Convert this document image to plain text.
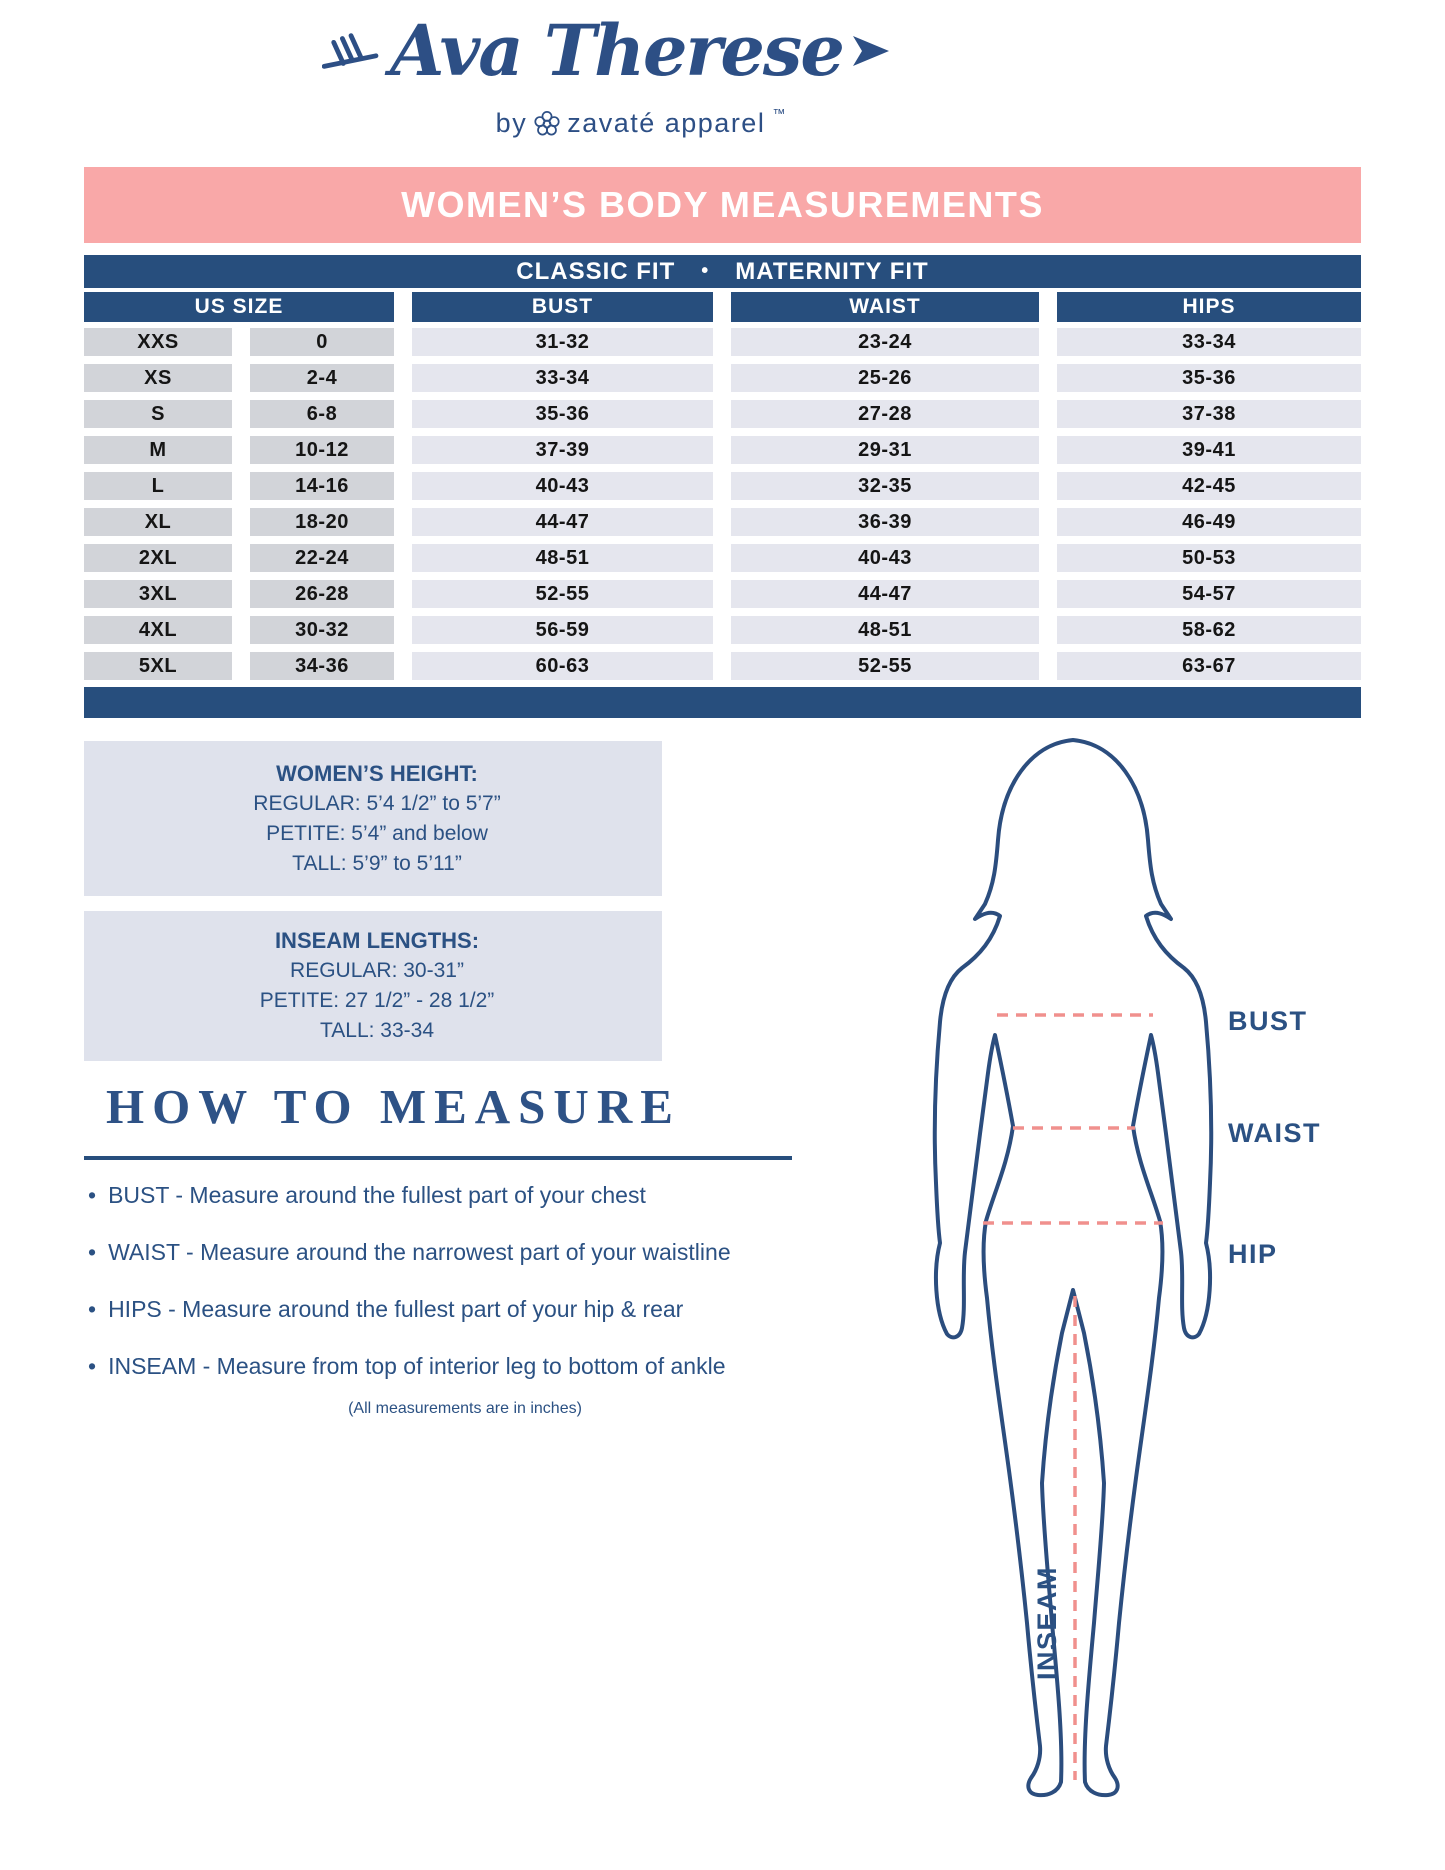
Ava Therese
by zavaté apparel ™
WOMEN’S BODY MEASUREMENTS
CLASSIC FIT • MATERNITY FIT
US SIZE	BUST	WAIST	HIPS
XXS	0	31-32	23-24	33-34
XS	2-4	33-34	25-26	35-36
S	6-8	35-36	27-28	37-38
M	10-12	37-39	29-31	39-41
L	14-16	40-43	32-35	42-45
XL	18-20	44-47	36-39	46-49
2XL	22-24	48-51	40-43	50-53
3XL	26-28	52-55	44-47	54-57
4XL	30-32	56-59	48-51	58-62
5XL	34-36	60-63	52-55	63-67
WOMEN’S HEIGHT:
REGULAR: 5’4 1/2” to 5’7”
PETITE: 5’4” and below
TALL: 5’9” to 5’11”
INSEAM LENGTHS:
REGULAR: 30-31”
PETITE: 27 1/2” - 28 1/2”
TALL: 33-34
HOW TO MEASURE
• BUST - Measure around the fullest part of your chest
• WAIST - Measure around the narrowest part of your waistline
• HIPS - Measure around the fullest part of your hip & rear
• INSEAM - Measure from top of interior leg to bottom of ankle
(All measurements are in inches)
BUST
WAIST
HIP
INSEAM
